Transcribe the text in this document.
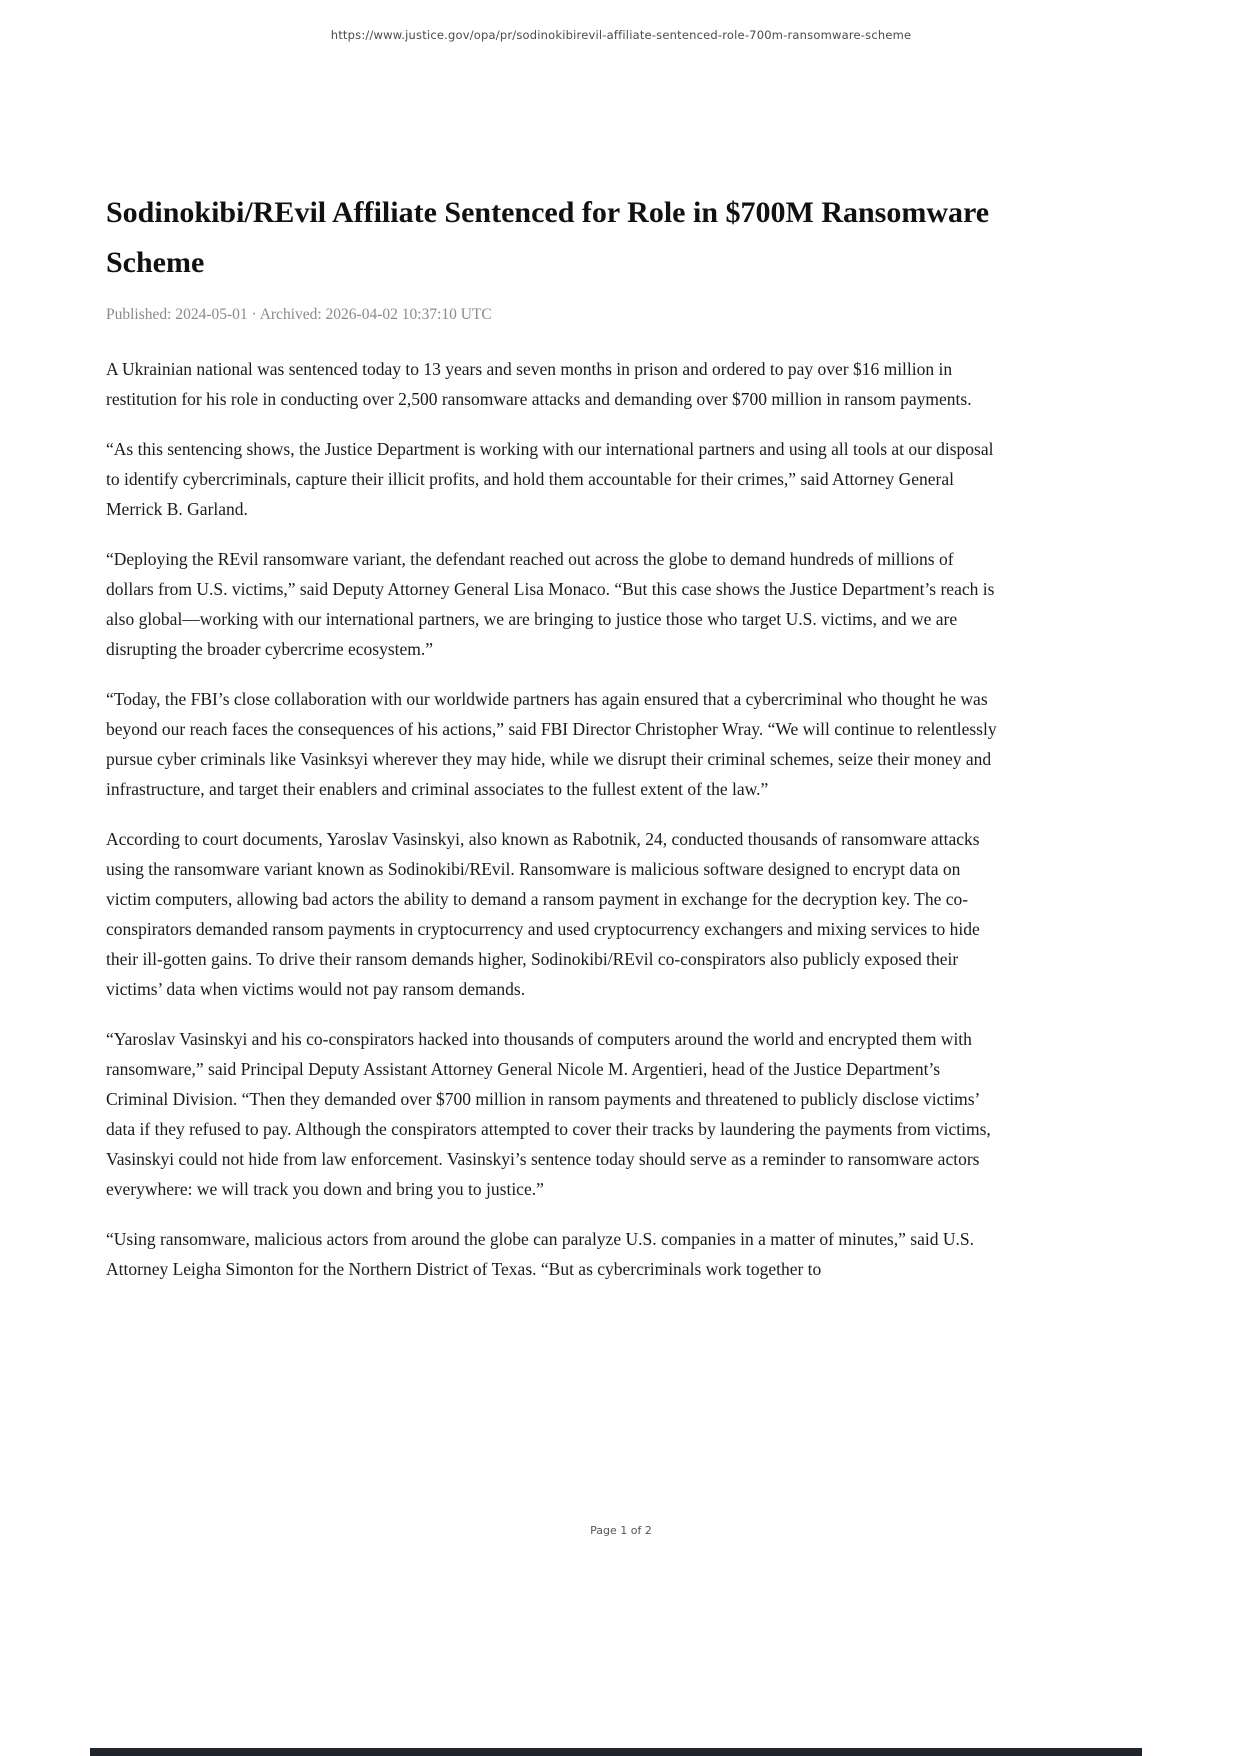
https://www.justice.gov/opa/pr/sodinokibirevil-affiliate-sentenced-role-700m-ransomware-scheme
Sodinokibi/REvil Affiliate Sentenced for Role in $700M Ransomware Scheme
Published: 2024-05-01 · Archived: 2026-04-02 10:37:10 UTC

A Ukrainian national was sentenced today to 13 years and seven months in prison and ordered to pay over $16 million in restitution for his role in conducting over 2,500 ransomware attacks and demanding over $700 million in ransom payments.

“As this sentencing shows, the Justice Department is working with our international partners and using all tools at our disposal to identify cybercriminals, capture their illicit profits, and hold them accountable for their crimes,” said Attorney General Merrick B. Garland.

“Deploying the REvil ransomware variant, the defendant reached out across the globe to demand hundreds of millions of dollars from U.S. victims,” said Deputy Attorney General Lisa Monaco. “But this case shows the Justice Department’s reach is also global—working with our international partners, we are bringing to justice those who target U.S. victims, and we are disrupting the broader cybercrime ecosystem.”

“Today, the FBI’s close collaboration with our worldwide partners has again ensured that a cybercriminal who thought he was beyond our reach faces the consequences of his actions,” said FBI Director Christopher Wray. “We will continue to relentlessly pursue cyber criminals like Vasinksyi wherever they may hide, while we disrupt their criminal schemes, seize their money and infrastructure, and target their enablers and criminal associates to the fullest extent of the law.”

According to court documents, Yaroslav Vasinskyi, also known as Rabotnik, 24, conducted thousands of ransomware attacks using the ransomware variant known as Sodinokibi/REvil. Ransomware is malicious software designed to encrypt data on victim computers, allowing bad actors the ability to demand a ransom payment in exchange for the decryption key. The co-conspirators demanded ransom payments in cryptocurrency and used cryptocurrency exchangers and mixing services to hide their ill-gotten gains. To drive their ransom demands higher, Sodinokibi/REvil co-conspirators also publicly exposed their victims’ data when victims would not pay ransom demands.

“Yaroslav Vasinskyi and his co-conspirators hacked into thousands of computers around the world and encrypted them with ransomware,” said Principal Deputy Assistant Attorney General Nicole M. Argentieri, head of the Justice Department’s Criminal Division. “Then they demanded over $700 million in ransom payments and threatened to publicly disclose victims’ data if they refused to pay. Although the conspirators attempted to cover their tracks by laundering the payments from victims, Vasinskyi could not hide from law enforcement. Vasinskyi’s sentence today should serve as a reminder to ransomware actors everywhere: we will track you down and bring you to justice.”

“Using ransomware, malicious actors from around the globe can paralyze U.S. companies in a matter of minutes,” said U.S. Attorney Leigha Simonton for the Northern District of Texas. “But as cybercriminals work together to

Page 1 of 2
